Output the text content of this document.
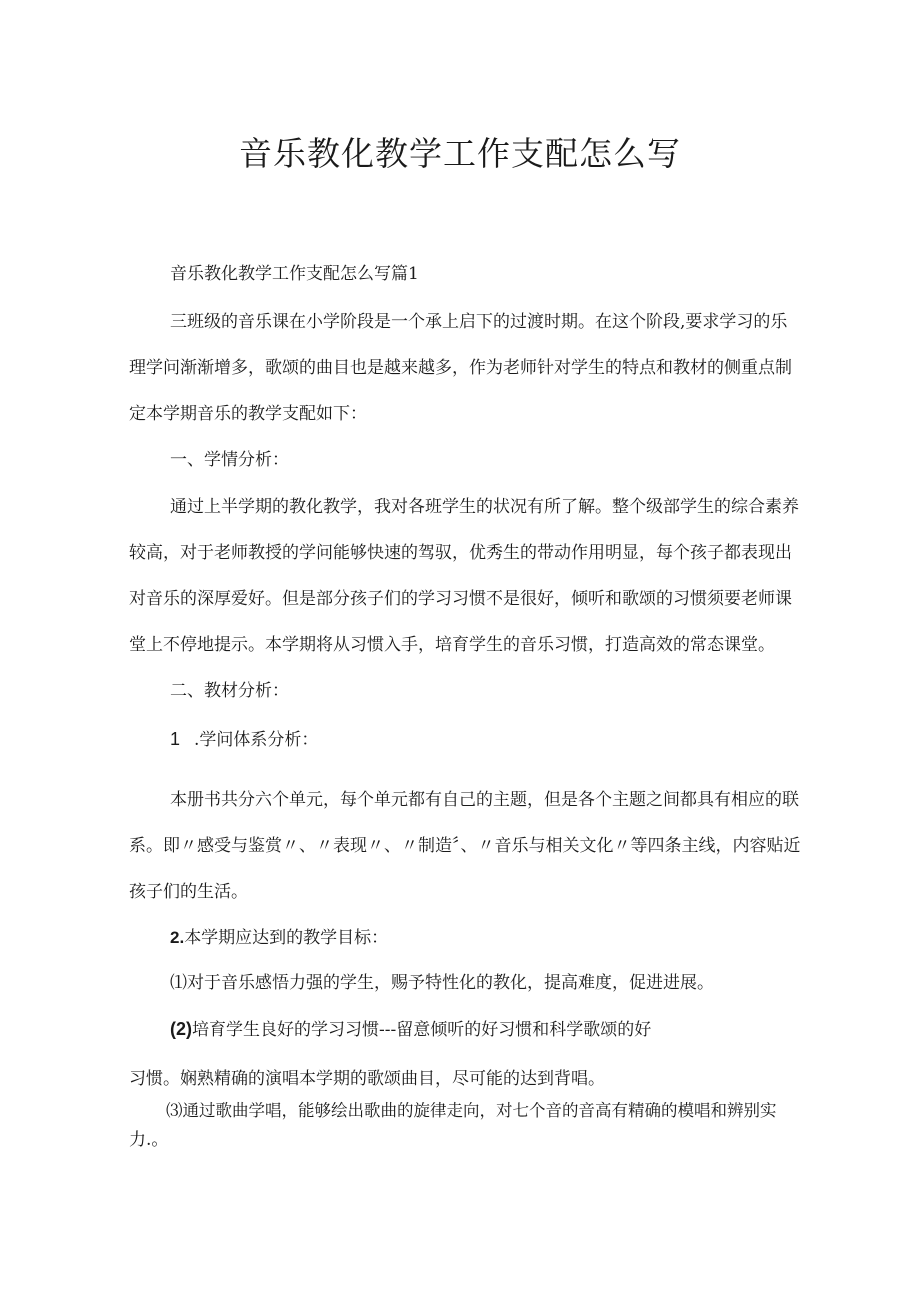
音乐教化教学工作支配怎么写
音乐教化教学工作支配怎么写篇1
三班级的音乐课在小学阶段是一个承上启下的过渡时期。在这个阶段,要求学习的乐
理学问渐渐增多，歌颂的曲目也是越来越多，作为老师针对学生的特点和教材的侧重点制
定本学期音乐的教学支配如下：
一、学情分析：
通过上半学期的教化教学，我对各班学生的状况有所了解。整个级部学生的综合素养
较高，对于老师教授的学问能够快速的驾驭，优秀生的带动作用明显，每个孩子都表现出
对音乐的深厚爱好。但是部分孩子们的学习习惯不是很好，倾听和歌颂的习惯须要老师课
堂上不停地提示。本学期将从习惯入手，培育学生的音乐习惯，打造高效的常态课堂。
二、教材分析：
1 .学问体系分析：
本册书共分六个单元，每个单元都有自己的主题，但是各个主题之间都具有相应的联
系。即〃感受与鉴赏〃、〃表现〃、〃制造〞、〃音乐与相关文化〃等四条主线，内容贴近
孩子们的生活。
2.本学期应达到的教学目标：
⑴对于音乐感悟力强的学生，赐予特性化的教化，提高难度，促进进展。
(2)培育学生良好的学习习惯---留意倾听的好习惯和科学歌颂的好
习惯。娴熟精确的演唱本学期的歌颂曲目，尽可能的达到背唱。
⑶通过歌曲学唱，能够绘出歌曲的旋律走向，对七个音的音高有精确的模唱和辨别实
力.。
